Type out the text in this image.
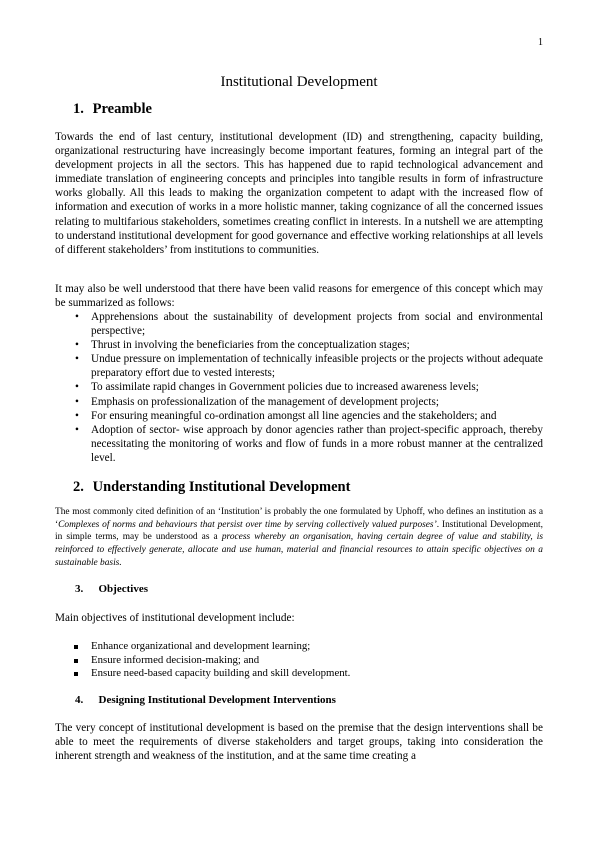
1
Institutional Development
1. Preamble

Towards the end of last century, institutional development (ID) and strengthening, capacity building, organizational restructuring have increasingly become important features, forming an integral part of the development projects in all the sectors. This has happened due to rapid technological advancement and immediate translation of engineering concepts and principles into tangible results in form of infrastructure works globally. All this leads to making the organization competent to adapt with the increased flow of information and execution of works in a more holistic manner, taking cognizance of all the concerned issues relating to multifarious stakeholders, sometimes creating conflict in interests. In a nutshell we are attempting to understand institutional development for good governance and effective working relationships at all levels of different stakeholders’ from institutions to communities.

It may also be well understood that there have been valid reasons for emergence of this concept which may be summarized as follows:

• Apprehensions about the sustainability of development projects from social and environmental perspective;
• Thrust in involving the beneficiaries from the conceptualization stages;
• Undue pressure on implementation of technically infeasible projects or the projects without adequate preparatory effort due to vested interests;
• To assimilate rapid changes in Government policies due to increased awareness levels;
• Emphasis on professionalization of the management of development projects;
• For ensuring meaningful co-ordination amongst all line agencies and the stakeholders; and
• Adoption of sector- wise approach by donor agencies rather than project-specific approach, thereby necessitating the monitoring of works and flow of funds in a more robust manner at the centralized level.
2. Understanding Institutional Development

The most commonly cited definition of an ‘Institution’ is probably the one formulated by Uphoff, who defines an institution as a ‘Complexes of norms and behaviours that persist over time by serving collectively valued purposes’. Institutional Development, in simple terms, may be understood as a process whereby an organisation, having certain degree of value and stability, is reinforced to effectively generate, allocate and use human, material and financial resources to attain specific objectives on a sustainable basis.

3. Objectives

Main objectives of institutional development include:

Enhance organizational and development learning;
Ensure informed decision-making; and
Ensure need-based capacity building and skill development.
4. Designing Institutional Development Interventions

The very concept of institutional development is based on the premise that the design interventions shall be able to meet the requirements of diverse stakeholders and target groups, taking into consideration the inherent strength and weakness of the institution, and at the same time creating a
